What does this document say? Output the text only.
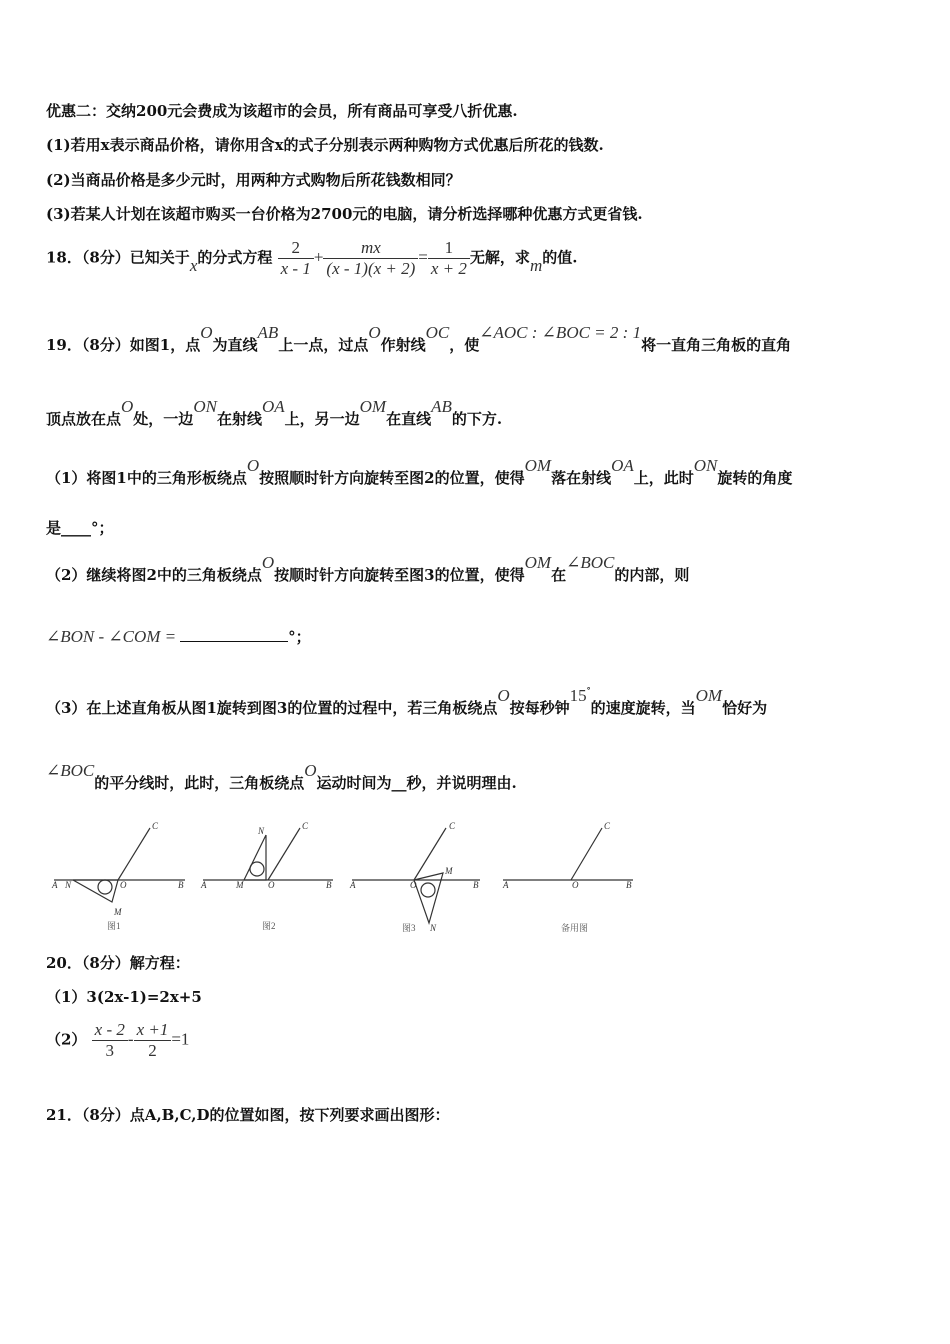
优惠二：交纳200元会费成为该超市的会员，所有商品可享受八折优惠.
(1)若用x表示商品价格，请你用含x的式子分别表示两种购物方式优惠后所花的钱数.
(2)当商品价格是多少元时，用两种方式购物后所花钱数相同？
(3)若某人计划在该超市购买一台价格为2700元的电脑，请分析选择哪种优惠方式更省钱.
18．（8分）已知关于x的分式方程 $\frac{2}{x - 1} + \frac{mx}{(x - 1)(x + 2)} = \frac{1}{x + 2}$ 无解，求m的值.
19．（8分）如图1，点O为直线AB上一点，过点O作射线OC，使∠AOC : ∠BOC = 2 : 1将一直角三角板的直角
顶点放在点O处，一边ON在射线OA上，另一边OM在直线AB的下方.
（1）将图1中的三角形板绕点O按照顺时针方向旋转至图2的位置，使得OM落在射线OA上，此时ON旋转的角度
是____°；
（2）继续将图2中的三角板绕点O按顺时针方向旋转至图3的位置，使得OM在∠BOC的内部，则
∠BON - ∠COM =	°；
（3）在上述直角板从图1旋转到图3的位置的过程中，若三角板绕点O按每秒钟15°的速度旋转，当OM恰好为
∠BOC的平分线时，此时，三角板绕点O运动时间为__秒，并说明理由.
A N	O	B
C
M
A	M	O	B
C
N
A	O	B
C
M
N
A	O	B
C
图1	图2	图3	备用图
20．（8分）解方程：
（1）3(2x-1)=2x+5
$(2) \frac{x - 2}{3} - \frac{x +1}{2} =1$
21．（8分）点A,B,C,D的位置如图，按下列要求画出图形：
